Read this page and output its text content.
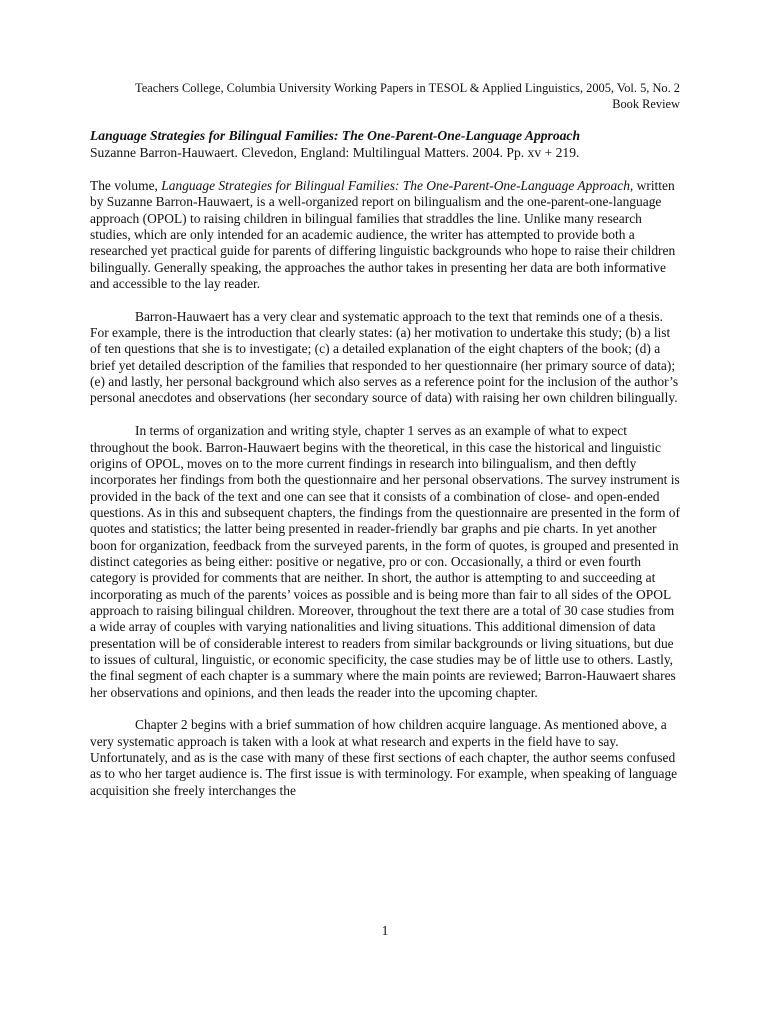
Teachers College, Columbia University Working Papers in TESOL & Applied Linguistics, 2005, Vol. 5, No. 2
Book Review
Language Strategies for Bilingual Families: The One-Parent-One-Language Approach
Suzanne Barron-Hauwaert. Clevedon, England: Multilingual Matters. 2004. Pp. xv + 219.

The volume, Language Strategies for Bilingual Families: The One-Parent-One-Language Approach, written by Suzanne Barron-Hauwaert, is a well-organized report on bilingualism and the one-parent-one-language approach (OPOL) to raising children in bilingual families that straddles the line. Unlike many research studies, which are only intended for an academic audience, the writer has attempted to provide both a researched yet practical guide for parents of differing linguistic backgrounds who hope to raise their children bilingually. Generally speaking, the approaches the author takes in presenting her data are both informative and accessible to the lay reader.

Barron-Hauwaert has a very clear and systematic approach to the text that reminds one of a thesis. For example, there is the introduction that clearly states: (a) her motivation to undertake this study; (b) a list of ten questions that she is to investigate; (c) a detailed explanation of the eight chapters of the book; (d) a brief yet detailed description of the families that responded to her questionnaire (her primary source of data); (e) and lastly, her personal background which also serves as a reference point for the inclusion of the author’s personal anecdotes and observations (her secondary source of data) with raising her own children bilingually.

In terms of organization and writing style, chapter 1 serves as an example of what to expect throughout the book. Barron-Hauwaert begins with the theoretical, in this case the historical and linguistic origins of OPOL, moves on to the more current findings in research into bilingualism, and then deftly incorporates her findings from both the questionnaire and her personal observations. The survey instrument is provided in the back of the text and one can see that it consists of a combination of close- and open-ended questions. As in this and subsequent chapters, the findings from the questionnaire are presented in the form of quotes and statistics; the latter being presented in reader-friendly bar graphs and pie charts. In yet another boon for organization, feedback from the surveyed parents, in the form of quotes, is grouped and presented in distinct categories as being either: positive or negative, pro or con. Occasionally, a third or even fourth category is provided for comments that are neither. In short, the author is attempting to and succeeding at incorporating as much of the parents’ voices as possible and is being more than fair to all sides of the OPOL approach to raising bilingual children. Moreover, throughout the text there are a total of 30 case studies from a wide array of couples with varying nationalities and living situations. This additional dimension of data presentation will be of considerable interest to readers from similar backgrounds or living situations, but due to issues of cultural, linguistic, or economic specificity, the case studies may be of little use to others. Lastly, the final segment of each chapter is a summary where the main points are reviewed; Barron-Hauwaert shares her observations and opinions, and then leads the reader into the upcoming chapter.

Chapter 2 begins with a brief summation of how children acquire language. As mentioned above, a very systematic approach is taken with a look at what research and experts in the field have to say. Unfortunately, and as is the case with many of these first sections of each chapter, the author seems confused as to who her target audience is. The first issue is with terminology. For example, when speaking of language acquisition she freely interchanges the

1
